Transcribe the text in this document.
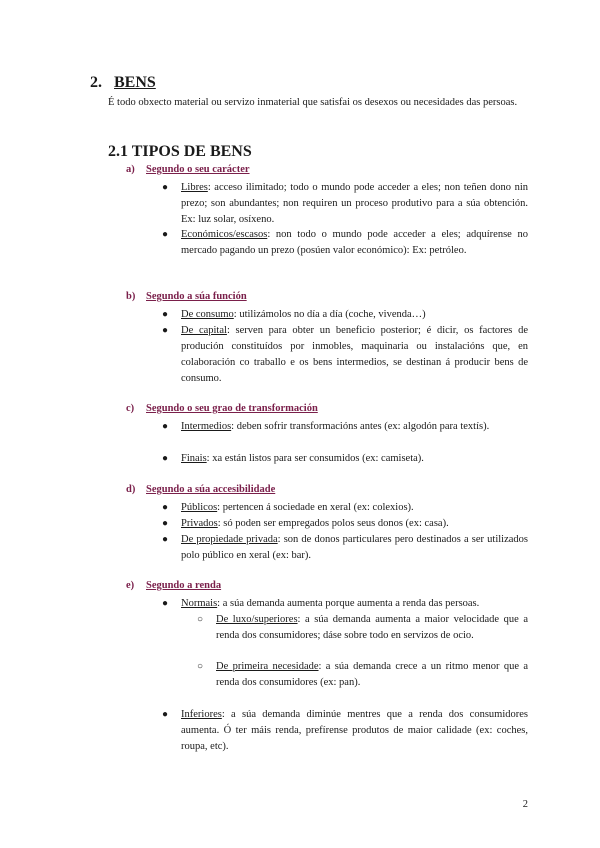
2. BENS
É todo obxecto material ou servizo inmaterial que satisfai os desexos ou necesidades das persoas.
2.1 TIPOS DE BENS
a) Segundo o seu carácter
● Libres: acceso ilimitado; todo o mundo pode acceder a eles; non teñen dono nin prezo; son abundantes; non requiren un proceso produtivo para a súa obtención. Ex: luz solar, osíxeno.
● Económicos/escasos: non todo o mundo pode acceder a eles; adquírense no mercado pagando un prezo (posúen valor económico): Ex: petróleo.
b) Segundo a súa función
● De consumo: utilizámolos no día a día (coche, vivenda…)
● De capital: serven para obter un beneficio posterior; é dicir, os factores de produción constituídos por inmobles, maquinaria ou instalacións que, en colaboración co traballo e os bens intermedios, se destinan á producir bens de consumo.
c) Segundo o seu grao de transformación
● Intermedios: deben sofrir transformacións antes (ex: algodón para textís).
● Finais: xa están listos para ser consumidos (ex: camiseta).
d) Segundo a súa accesibilidade
● Públicos: pertencen á sociedade en xeral (ex: colexios).
● Privados: só poden ser empregados polos seus donos (ex: casa).
● De propiedade privada: son de donos particulares pero destinados a ser utilizados polo público en xeral (ex: bar).
e) Segundo a renda
● Normais: a súa demanda aumenta porque aumenta a renda das persoas.
○ De luxo/superiores: a súa demanda aumenta a maior velocidade que a renda dos consumidores; dáse sobre todo en servizos de ocio.
○ De primeira necesidade: a súa demanda crece a un ritmo menor que a renda dos consumidores (ex: pan).
● Inferiores: a súa demanda diminúe mentres que a renda dos consumidores aumenta. Ó ter máis renda, prefírense produtos de maior calidade (ex: coches, roupa, etc).
2
